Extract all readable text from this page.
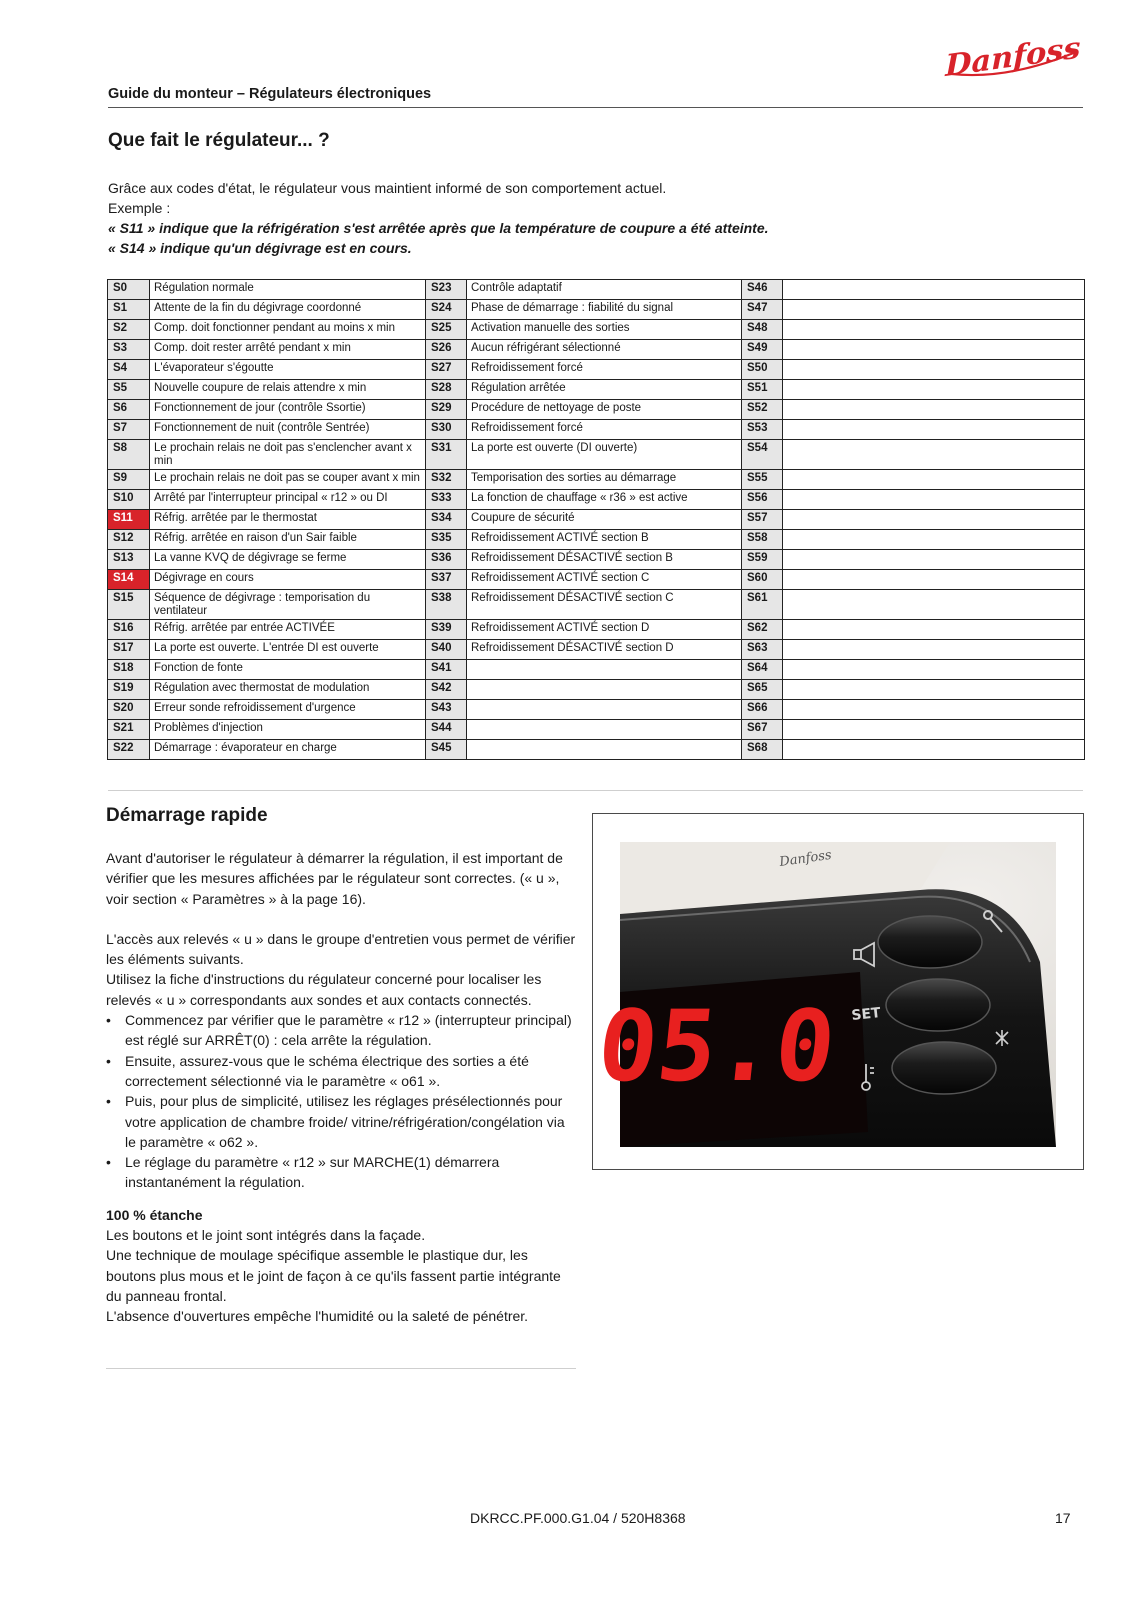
Danfoss
Guide du monteur – Régulateurs électroniques
Que fait le régulateur... ?
Grâce aux codes d'état, le régulateur vous maintient informé de son comportement actuel.
Exemple :
« S11 » indique que la réfrigération s'est arrêtée après que la température de coupure a été atteinte.
« S14 » indique qu'un dégivrage est en cours.
S0	Régulation normale	S23	Contrôle adaptatif	S46	
S1	Attente de la fin du dégivrage coordonné	S24	Phase de démarrage : fiabilité du signal	S47	
S2	Comp. doit fonctionner pendant au moins x min	S25	Activation manuelle des sorties	S48	
S3	Comp. doit rester arrêté pendant x min	S26	Aucun réfrigérant sélectionné	S49	
S4	L'évaporateur s'égoutte	S27	Refroidissement forcé	S50	
S5	Nouvelle coupure de relais attendre x min	S28	Régulation arrêtée	S51	
S6	Fonctionnement de jour (contrôle Ssortie)	S29	Procédure de nettoyage de poste	S52	
S7	Fonctionnement de nuit (contrôle Sentrée)	S30	Refroidissement forcé	S53	
S8	Le prochain relais ne doit pas s'enclencher avant x min	S31	La porte est ouverte (DI ouverte)	S54	
S9	Le prochain relais ne doit pas se couper avant x min	S32	Temporisation des sorties au démarrage	S55	
S10	Arrêté par l'interrupteur principal « r12 » ou DI	S33	La fonction de chauffage « r36 » est active	S56	
S11	Réfrig. arrêtée par le thermostat	S34	Coupure de sécurité	S57	
S12	Réfrig. arrêtée en raison d'un Sair faible	S35	Refroidissement ACTIVÉ section B	S58	
S13	La vanne KVQ de dégivrage se ferme	S36	Refroidissement DÉSACTIVÉ section B	S59	
S14	Dégivrage en cours	S37	Refroidissement ACTIVÉ section C	S60	
S15	Séquence de dégivrage : temporisation du ventilateur	S38	Refroidissement DÉSACTIVÉ section C	S61	
S16	Réfrig. arrêtée par entrée ACTIVÉE	S39	Refroidissement ACTIVÉ section D	S62	
S17	La porte est ouverte. L'entrée DI est ouverte	S40	Refroidissement DÉSACTIVÉ section D	S63	
S18	Fonction de fonte	S41		S64	
S19	Régulation avec thermostat de modulation	S42		S65	
S20	Erreur sonde refroidissement d'urgence	S43		S66	
S21	Problèmes d'injection	S44		S67	
S22	Démarrage : évaporateur en charge	S45		S68	
Démarrage rapide

Avant d'autoriser le régulateur à démarrer la régulation, il est important de vérifier que les mesures affichées par le régulateur sont correctes. (« u », voir section « Paramètres » à la page 16).

L'accès aux relevés « u » dans le groupe d'entretien vous permet de vérifier les éléments suivants.

Utilisez la fiche d'instructions du régulateur concerné pour localiser les relevés « u » correspondants aux sondes et aux contacts connectés.

• Commencez par vérifier que le paramètre « r12 » (interrupteur principal) est réglé sur ARRÊT(0) : cela arrête la régulation.
• Ensuite, assurez-vous que le schéma électrique des sorties a été correctement sélectionné via le paramètre « o61 ».
• Puis, pour plus de simplicité, utilisez les réglages présélectionnés pour votre application de chambre froide/ vitrine/réfrigération/congélation via le paramètre « o62 ».
• Le réglage du paramètre « r12 » sur MARCHE(1) démarrera instantanément la régulation.

100 % étanche

Les boutons et le joint sont intégrés dans la façade.

Une technique de moulage spécifique assemble le plastique dur, les boutons plus mous et le joint de façon à ce qu'ils fassent partie intégrante du panneau frontal.

L'absence d'ouvertures empêche l'humidité ou la saleté de pénétrer.

Danfoss
05.0 SET
DKRCC.PF.000.G1.04 / 520H8368	17
